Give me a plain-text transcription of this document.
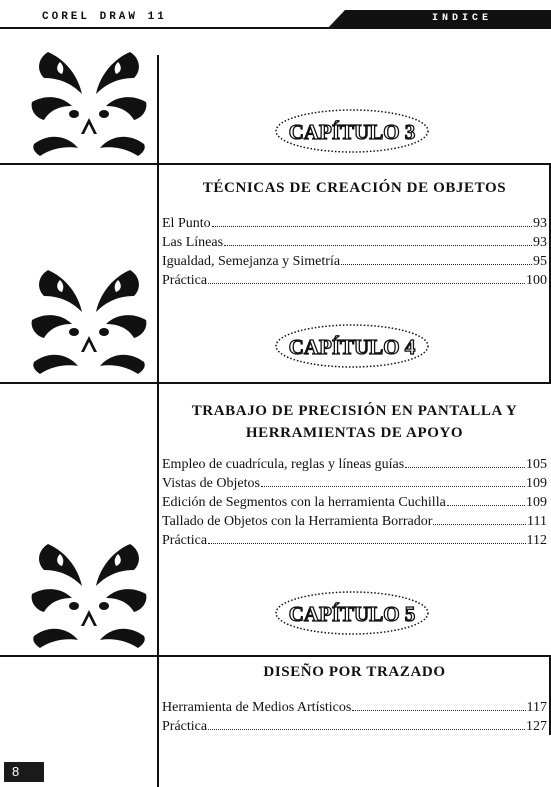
COREL DRAW 11	INDICE
CAPÍTULO 3
CAPÍTULO 4
CAPÍTULO 5
TÉCNICAS DE CREACIÓN DE OBJETOS
El Punto	93
Las Líneas	93
Igualdad, Semejanza y Simetría	95
Práctica	100
TRABAJO DE PRECISIÓN EN PANTALLA Y
HERRAMIENTAS DE APOYO
Empleo de cuadrícula, reglas y líneas guías	105
Vistas de Objetos	109
Edición de Segmentos con la herramienta Cuchilla	109
Tallado de Objetos con la Herramienta Borrador	111
Práctica	112
DISEÑO POR TRAZADO
Herramienta de Medios Artísticos	117
Práctica	127
8
